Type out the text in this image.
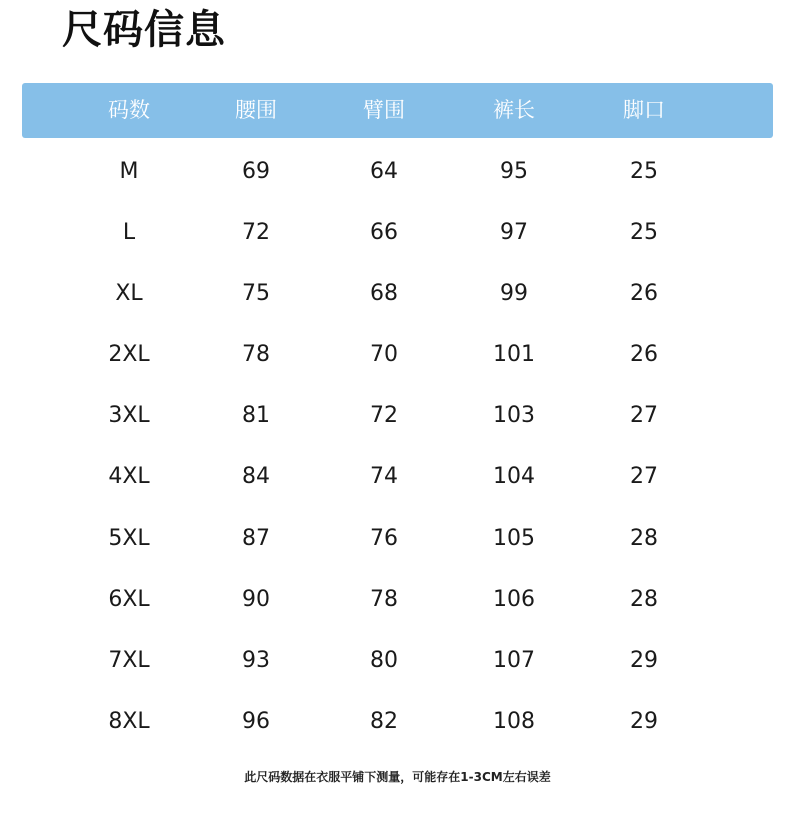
尺码信息
码数	腰围	臂围	裤长	脚口
M	69	64	95	25
L	72	66	97	25
XL	75	68	99	26
2XL	78	70	101	26
3XL	81	72	103	27
4XL	84	74	104	27
5XL	87	76	105	28
6XL	90	78	106	28
7XL	93	80	107	29
8XL	96	82	108	29
此尺码数据在衣服平铺下测量，可能存在1-3CM左右误差
